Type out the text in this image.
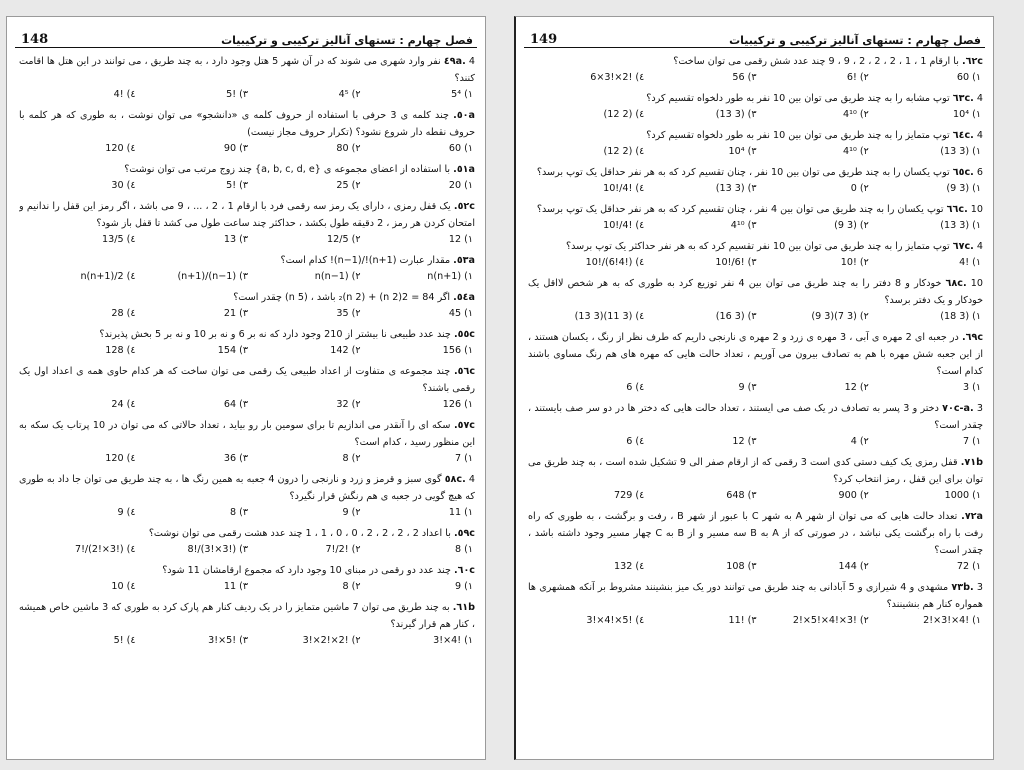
148	فصل چهارم : تستهای آنالیز ترکیبی و ترکیبیات
٤٩a. 4 نفر وارد شهری می شوند که در آن شهر 5 هتل وجود دارد ، به چند طریق ، می توانند در این هتل ها اقامت کنند؟
١)5⁴
٢)4⁵
٣)5!
٤)4!
٥٠a. چند کلمه ی 3 حرفی با استفاده از حروف کلمه ی «دانشجو» می توان نوشت ، به طوری که هر کلمه با حروف نقطه دار شروع نشود؟ (تکرار حروف مجاز نیست)
١)60
٢)80
٣)90
٤)120
٥١a. با استفاده از اعضای مجموعه ی {a, b, c, d, e} چند زوج مرتب می توان نوشت؟
١)20
٢)25
٣)5!
٤)30
٥٢c. یک قفل رمزی ، دارای یک رمز سه رقمی فرد با ارقام 1 ، 2 ، ... ، 9 می باشد ، اگر رمز این قفل را ندانیم و امتحان کردن هر رمز ، 2 دقیقه طول بکشد ، حداکثر چند ساعت طول می کشد تا قفل باز شود؟
١)12
٢)12/5
٣)13
٤)13/5
٥٣a. مقدار عبارت (n+1)!/(n−1)! کدام است؟
١)n(n+1)
٢)n(n−1)
٣)(n+1)/(n−1)
٤)n(n+1)/2
٥٤a. اگر 84 = 2(n 2) + (n 2)₂ باشد ، (n 5) چقدر است؟
١)45
٢)35
٣)21
٤)28
٥٥c. چند عدد طبیعی نا بیشتر از 210 وجود دارد که نه بر 6 و نه بر 10 و نه بر 5 بخش پذیرند؟
١)156
٢)142
٣)154
٤)128
٥٦c. چند مجموعه ی متفاوت از اعداد طبیعی یک رقمی می توان ساخت که هر کدام حاوی همه ی اعداد اول یک رقمی باشند؟
١)126
٢)32
٣)64
٤)24
٥٧c. سکه ای را آنقدر می اندازیم تا برای سومین بار رو بیاید ، تعداد حالاتی که می توان در 10 پرتاب یک سکه به این منظور رسید ، کدام است؟
١)7
٢)8
٣)36
٤)120
٥٨c. 4 گوی سبز و قرمز و زرد و نارنجی را درون 4 جعبه به همین رنگ ها ، به چند طریق می توان جا داد به طوری که هیچ گویی در جعبه ی هم رنگش قرار نگیرد؟
١)11
٢)9
٣)8
٤)9
٥٩c. با اعداد 2 ، 2 ، 2 ، 2 ، 0 ، 0 ، 1 ، 1 چند عدد هشت رقمی می توان نوشت؟
١)8
٢)7!/2!
٣)8!/(3!×3!)
٤)7!/(2!×3!)
٦٠c. چند عدد دو رقمی در مبنای 10 وجود دارد که مجموع ارقامشان 11 شود؟
١)9
٢)8
٣)11
٤)10
٦١b. به چند طریق می توان 7 ماشین متمایز را در یک ردیف کنار هم پارک کرد به طوری که 3 ماشین خاص همیشه ، کنار هم قرار گیرند؟
١)3!×4!
٢)3!×2!×2!
٣)3!×5!
٤)5!
149	فصل چهارم : تستهای آنالیز ترکیبی و ترکیبیات
٦٢c. با ارقام 1 ، 1 ، 2 ، 2 ، 2 ، 9 ، 9 چند عدد شش رقمی می توان ساخت؟
١)60
٢)6!
٣)56
٤)6×3!×2!
٦٣c. 4 توپ مشابه را به چند طریق می توان بین 10 نفر به طور دلخواه تقسیم کرد؟
١)10⁴
٢)4¹⁰
٣)(13 3)
٤)(12 2)
٦٤c. 4 توپ متمایز را به چند طریق می توان بین 10 نفر به طور دلخواه تقسیم کرد؟
١)(13 3)
٢)4¹⁰
٣)10⁴
٤)(12 2)
٦٥c. 6 توپ یکسان را به چند طریق می توان بین 10 نفر ، چنان تقسیم کرد که به هر نفر حداقل یک توپ برسد؟
١)(9 3)
٢)0
٣)(13 3)
٤)10!/4!
٦٦c. 10 توپ یکسان را به چند طریق می توان بین 4 نفر ، چنان تقسیم کرد که به هر نفر حداقل یک توپ برسد؟
١)(13 3)
٢)(9 3)
٣)4¹⁰
٤)10!/4!
٦٧c. 4 توپ متمایز را به چند طریق می توان بین 10 نفر تقسیم کرد که به هر نفر حداکثر یک توپ برسد؟
١)4!
٢)10!
٣)10!/6!
٤)10!/(6!4!)
٦٨c. 10 خودکار و 8 دفتر را به چند طریق می توان بین 4 نفر توزیع کرد به طوری که به هر شخص لااقل یک خودکار و یک دفتر برسد؟
١)(18 3)
٢)(9 3)(7 3)
٣)(16 3)
٤)(13 3)(11 3)
٦٩c. در جعبه ای 2 مهره ی آبی ، 3 مهره ی زرد و 2 مهره ی نارنجی داریم که طرف نظر از رنگ ، یکسان هستند ، از این جعبه شش مهره با هم به تصادف بیرون می آوریم ، تعداد حالت هایی که مهره های هم رنگ مساوی باشند کدام است؟
١)3
٢)12
٣)9
٤)6
٧٠c-a. 3 دختر و 3 پسر به تصادف در یک صف می ایستند ، تعداد حالت هایی که دختر ها در دو سر صف بایستند ، چقدر است؟
١)7
٢)4
٣)12
٤)6
٧١b. قفل رمزی یک کیف دستی کدی است 3 رقمی که از ارقام صفر الی 9 تشکیل شده است ، به چند طریق می توان برای این قفل ، رمز انتخاب کرد؟
١)1000
٢)900
٣)648
٤)729
٧٢a. تعداد حالت هایی که می توان از شهر A به شهر C با عبور از شهر B ، رفت و برگشت ، به طوری که راه رفت با راه برگشت یکی نباشد ، در صورتی که از A به B سه مسیر و از B به C چهار مسیر وجود داشته باشد ، چقدر است؟
١)72
٢)144
٣)108
٤)132
٧٣b. 3 مشهدی و 4 شیرازی و 5 آبادانی به چند طریق می توانند دور یک میز بنشینند مشروط بر آنکه همشهری ها همواره کنار هم بنشینند؟
١)2!×3!×4!
٢)2!×5!×4!×3!
٣)11!
٤)3!×4!×5!
